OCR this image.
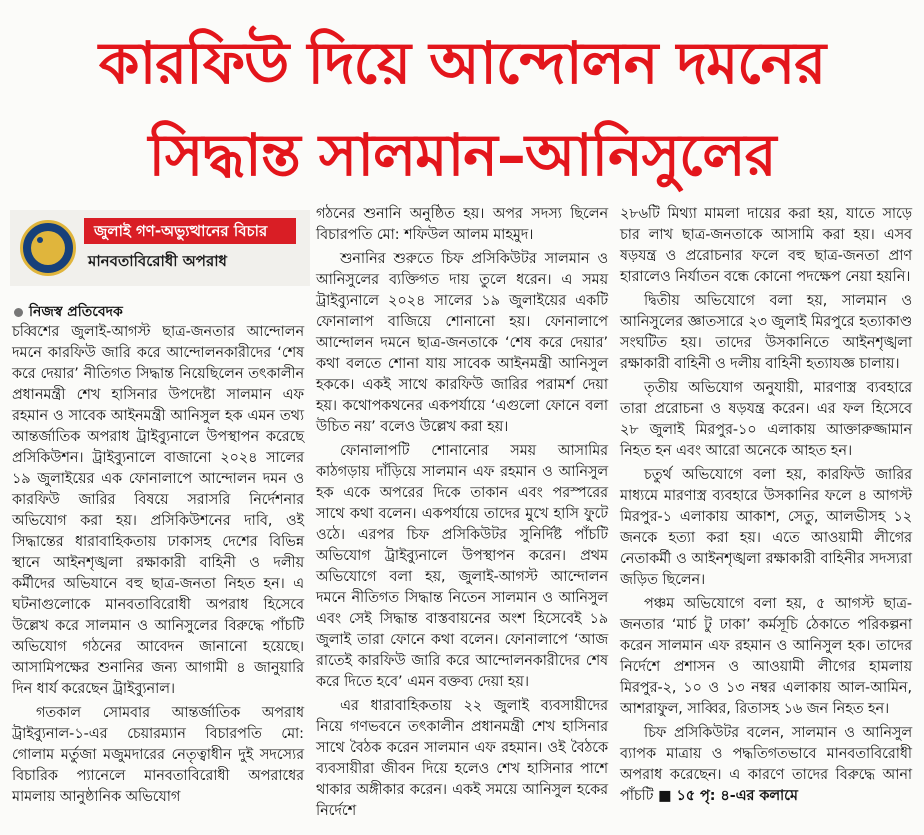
কারফিউ দিয়ে আন্দোলন দমনের
সিদ্ধান্ত সালমান–আনিসুলের
জুলাই গণ-অভ্যুত্থানের বিচার
মানবতাবিরোধী অপরাধ
নিজস্ব প্রতিবেদক

চব্বিশের জুলাই-আগস্ট ছাত্র-জনতার আন্দোলন দমনে কারফিউ জারি করে আন্দোলনকারীদের ‘শেষ করে দেয়ার’ নীতিগত সিদ্ধান্ত নিয়েছিলেন তৎকালীন প্রধানমন্ত্রী শেখ হাসিনার উপদেষ্টা সালমান এফ রহমান ও সাবেক আইনমন্ত্রী আনিসুল হক এমন তথ্য আন্তর্জাতিক অপরাধ ট্রাইব্যুনালে উপস্থাপন করেছে প্রসিকিউশন। ট্রাইব্যুনালে বাজানো ২০২৪ সালের ১৯ জুলাইয়ের এক ফোনালাপে আন্দোলন দমন ও কারফিউ জারির বিষয়ে সরাসরি নির্দেশনার অভিযোগ করা হয়। প্রসিকিউশনের দাবি, ওই সিদ্ধান্তের ধারাবাহিকতায় ঢাকাসহ দেশের বিভিন্ন স্থানে আইনশৃঙ্খলা রক্ষাকারী বাহিনী ও দলীয় কর্মীদের অভিযানে বহু ছাত্র-জনতা নিহত হন। এ ঘটনাগুলোকে মানবতাবিরোধী অপরাধ হিসেবে উল্লেখ করে সালমান ও আনিসুলের বিরুদ্ধে পাঁচটি অভিযোগ গঠনের আবেদন জানানো হয়েছে। আসামিপক্ষের শুনানির জন্য আগামী ৪ জানুয়ারি দিন ধার্য করেছেন ট্রাইব্যুনাল।

গতকাল সোমবার আন্তর্জাতিক অপরাধ ট্রাইব্যুনাল-১-এর চেয়ারম্যান বিচারপতি মো: গোলাম মর্তুজা মজুমদারের নেতৃত্বাধীন দুই সদস্যের বিচারিক প্যানেলে মানবতাবিরোধী অপরাধের মামলায় আনুষ্ঠানিক অভিযোগ

গঠনের শুনানি অনুষ্ঠিত হয়। অপর সদস্য ছিলেন বিচারপতি মো: শফিউল আলম মাহমুদ।

শুনানির শুরুতে চিফ প্রসিকিউটর সালমান ও আনিসুলের ব্যক্তিগত দায় তুলে ধরেন। এ সময় ট্রাইব্যুনালে ২০২৪ সালের ১৯ জুলাইয়ের একটি ফোনালাপ বাজিয়ে শোনানো হয়। ফোনালাপে আন্দোলন দমনে ছাত্র-জনতাকে ‘শেষ করে দেয়ার’ কথা বলতে শোনা যায় সাবেক আইনমন্ত্রী আনিসুল হককে। একই সাথে কারফিউ জারির পরামর্শ দেয়া হয়। কথোপকথনের একপর্যায়ে ‘এগুলো ফোনে বলা উচিত নয়’ বলেও উল্লেখ করা হয়।

ফোনালাপটি শোনানোর সময় আসামির কাঠগড়ায় দাঁড়িয়ে সালমান এফ রহমান ও আনিসুল হক একে অপরের দিকে তাকান এবং পরস্পরের সাথে কথা বলেন। একপর্যায়ে তাদের মুখে হাসি ফুটে ওঠে। এরপর চিফ প্রসিকিউটর সুনির্দিষ্ট পাঁচটি অভিযোগ ট্রাইব্যুনালে উপস্থাপন করেন। প্রথম অভিযোগে বলা হয়, জুলাই-আগস্ট আন্দোলন দমনে নীতিগত সিদ্ধান্ত নিতেন সালমান ও আনিসুল এবং সেই সিদ্ধান্ত বাস্তবায়নের অংশ হিসেবেই ১৯ জুলাই তারা ফোনে কথা বলেন। ফোনালাপে ‘আজ রাতেই কারফিউ জারি করে আন্দোলনকারীদের শেষ করে দিতে হবে’ এমন বক্তব্য দেয়া হয়।

এর ধারাবাহিকতায় ২২ জুলাই ব্যবসায়ীদের নিয়ে গণভবনে তৎকালীন প্রধানমন্ত্রী শেখ হাসিনার সাথে বৈঠক করেন সালমান এফ রহমান। ওই বৈঠকে ব্যবসায়ীরা জীবন দিয়ে হলেও শেখ হাসিনার পাশে থাকার অঙ্গীকার করেন। একই সময়ে আনিসুল হকের নির্দেশে

২৮৬টি মিথ্যা মামলা দায়ের করা হয়, যাতে সাড়ে চার লাখ ছাত্র-জনতাকে আসামি করা হয়। এসব ষড়যন্ত্র ও প্ররোচনার ফলে বহু ছাত্র-জনতা প্রাণ হারালেও নির্যাতন বন্ধে কোনো পদক্ষেপ নেয়া হয়নি।

দ্বিতীয় অভিযোগে বলা হয়, সালমান ও আনিসুলের জ্ঞাতসারে ২৩ জুলাই মিরপুরে হত্যাকাণ্ড সংঘটিত হয়। তাদের উসকানিতে আইনশৃঙ্খলা রক্ষাকারী বাহিনী ও দলীয় বাহিনী হত্যাযজ্ঞ চালায়।

তৃতীয় অভিযোগ অনুযায়ী, মারণাস্ত্র ব্যবহারে তারা প্ররোচনা ও ষড়যন্ত্র করেন। এর ফল হিসেবে ২৮ জুলাই মিরপুর-১০ এলাকায় আক্তারুজ্জামান নিহত হন এবং আরো অনেকে আহত হন।

চতুর্থ অভিযোগে বলা হয়, কারফিউ জারির মাধ্যমে মারণাস্ত্র ব্যবহারে উসকানির ফলে ৪ আগস্ট মিরপুর-১ এলাকায় আকাশ, সেতু, আলভীসহ ১২ জনকে হত্যা করা হয়। এতে আওয়ামী লীগের নেতাকর্মী ও আইনশৃঙ্খলা রক্ষাকারী বাহিনীর সদস্যরা জড়িত ছিলেন।

পঞ্চম অভিযোগে বলা হয়, ৫ আগস্ট ছাত্র-জনতার ‘মার্চ টু ঢাকা’ কর্মসূচি ঠেকাতে পরিকল্পনা করেন সালমান এফ রহমান ও আনিসুল হক। তাদের নির্দেশে প্রশাসন ও আওয়ামী লীগের হামলায় মিরপুর-২, ১০ ও ১৩ নম্বর এলাকায় আল-আমিন, আশরাফুল, সাব্বির, রিতাসহ ১৬ জন নিহত হন।

চিফ প্রসিকিউটর বলেন, সালমান ও আনিসুল ব্যাপক মাত্রায় ও পদ্ধতিগতভাবে মানবতাবিরোধী অপরাধ করেছেন। এ কারণে তাদের বিরুদ্ধে আনা পাঁচটি ■ ১৫ পৃ: ৪-এর কলামে
